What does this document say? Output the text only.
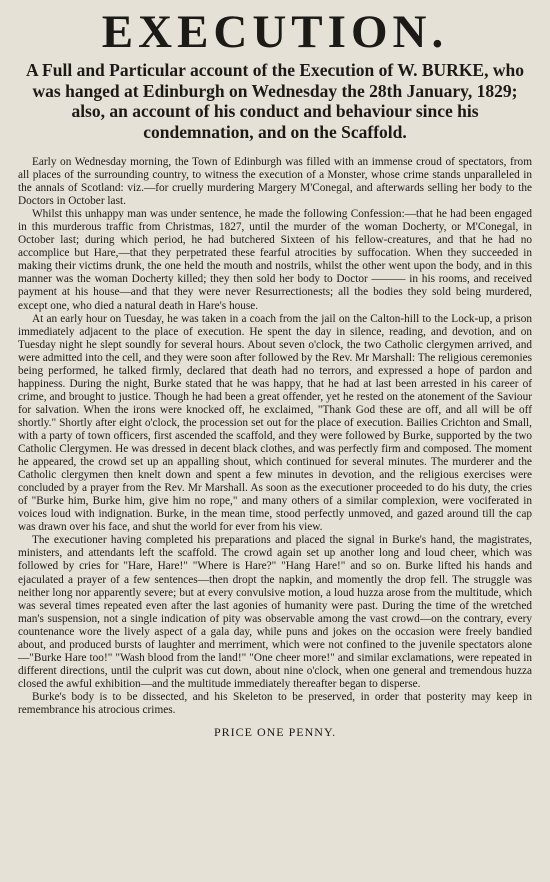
EXECUTION.
A Full and Particular account of the Execution of W. BURKE, who was hanged at Edinburgh on Wednesday the 28th January, 1829; also, an account of his conduct and behaviour since his condemnation, and on the Scaffold.

Early on Wednesday morning, the Town of Edinburgh was filled with an immense croud of spectators, from all places of the surrounding country, to witness the execution of a Monster, whose crime stands unparalleled in the annals of Scotland: viz.—for cruelly murdering Margery M'Conegal, and afterwards selling her body to the Doctors in October last.

Whilst this unhappy man was under sentence, he made the following Confession:—that he had been engaged in this murderous traffic from Christmas, 1827, until the murder of the woman Docherty, or M'Conegal, in October last; during which period, he had butchered Sixteen of his fellow-creatures, and that he had no accomplice but Hare,—that they perpetrated these fearful atrocities by suffocation. When they succeeded in making their victims drunk, the one held the mouth and nostrils, whilst the other went upon the body, and in this manner was the woman Docherty killed; they then sold her body to Doctor ——— in his rooms, and received payment at his house—and that they were never Resurrectionests; all the bodies they sold being murdered, except one, who died a natural death in Hare's house.

At an early hour on Tuesday, he was taken in a coach from the jail on the Calton-hill to the Lock-up, a prison immediately adjacent to the place of execution. He spent the day in silence, reading, and devotion, and on Tuesday night he slept soundly for several hours. About seven o'clock, the two Catholic clergymen arrived, and were admitted into the cell, and they were soon after followed by the Rev. Mr Marshall: The religious ceremonies being performed, he talked firmly, declared that death had no terrors, and expressed a hope of pardon and happiness. During the night, Burke stated that he was happy, that he had at last been arrested in his career of crime, and brought to justice. Though he had been a great offender, yet he rested on the atonement of the Saviour for salvation. When the irons were knocked off, he exclaimed, "Thank God these are off, and all will be off shortly." Shortly after eight o'clock, the procession set out for the place of execution. Bailies Crichton and Small, with a party of town officers, first ascended the scaffold, and they were followed by Burke, supported by the two Catholic Clergymen. He was dressed in decent black clothes, and was perfectly firm and composed. The moment he appeared, the crowd set up an appalling shout, which continued for several minutes. The murderer and the Catholic clergymen then knelt down and spent a few minutes in devotion, and the religious exercises were concluded by a prayer from the Rev. Mr Marshall. As soon as the executioner proceeded to do his duty, the cries of "Burke him, Burke him, give him no rope," and many others of a similar complexion, were vociferated in voices loud with indignation. Burke, in the mean time, stood perfectly unmoved, and gazed around till the cap was drawn over his face, and shut the world for ever from his view.

The executioner having completed his preparations and placed the signal in Burke's hand, the magistrates, ministers, and attendants left the scaffold. The crowd again set up another long and loud cheer, which was followed by cries for "Hare, Hare!" "Where is Hare?" "Hang Hare!" and so on. Burke lifted his hands and ejaculated a prayer of a few sentences—then dropt the napkin, and momently the drop fell. The struggle was neither long nor apparently severe; but at every convulsive motion, a loud huzza arose from the multitude, which was several times repeated even after the last agonies of humanity were past. During the time of the wretched man's suspension, not a single indication of pity was observable among the vast crowd—on the contrary, every countenance wore the lively aspect of a gala day, while puns and jokes on the occasion were freely bandied about, and produced bursts of laughter and merriment, which were not confined to the juvenile spectators alone—"Burke Hare too!" "Wash blood from the land!" "One cheer more!" and similar exclamations, were repeated in different directions, until the culprit was cut down, about nine o'clock, when one general and tremendous huzza closed the awful exhibition—and the multitude immediately thereafter began to disperse.

Burke's body is to be dissected, and his Skeleton to be preserved, in order that posterity may keep in remembrance his atrocious crimes.

PRICE ONE PENNY.
